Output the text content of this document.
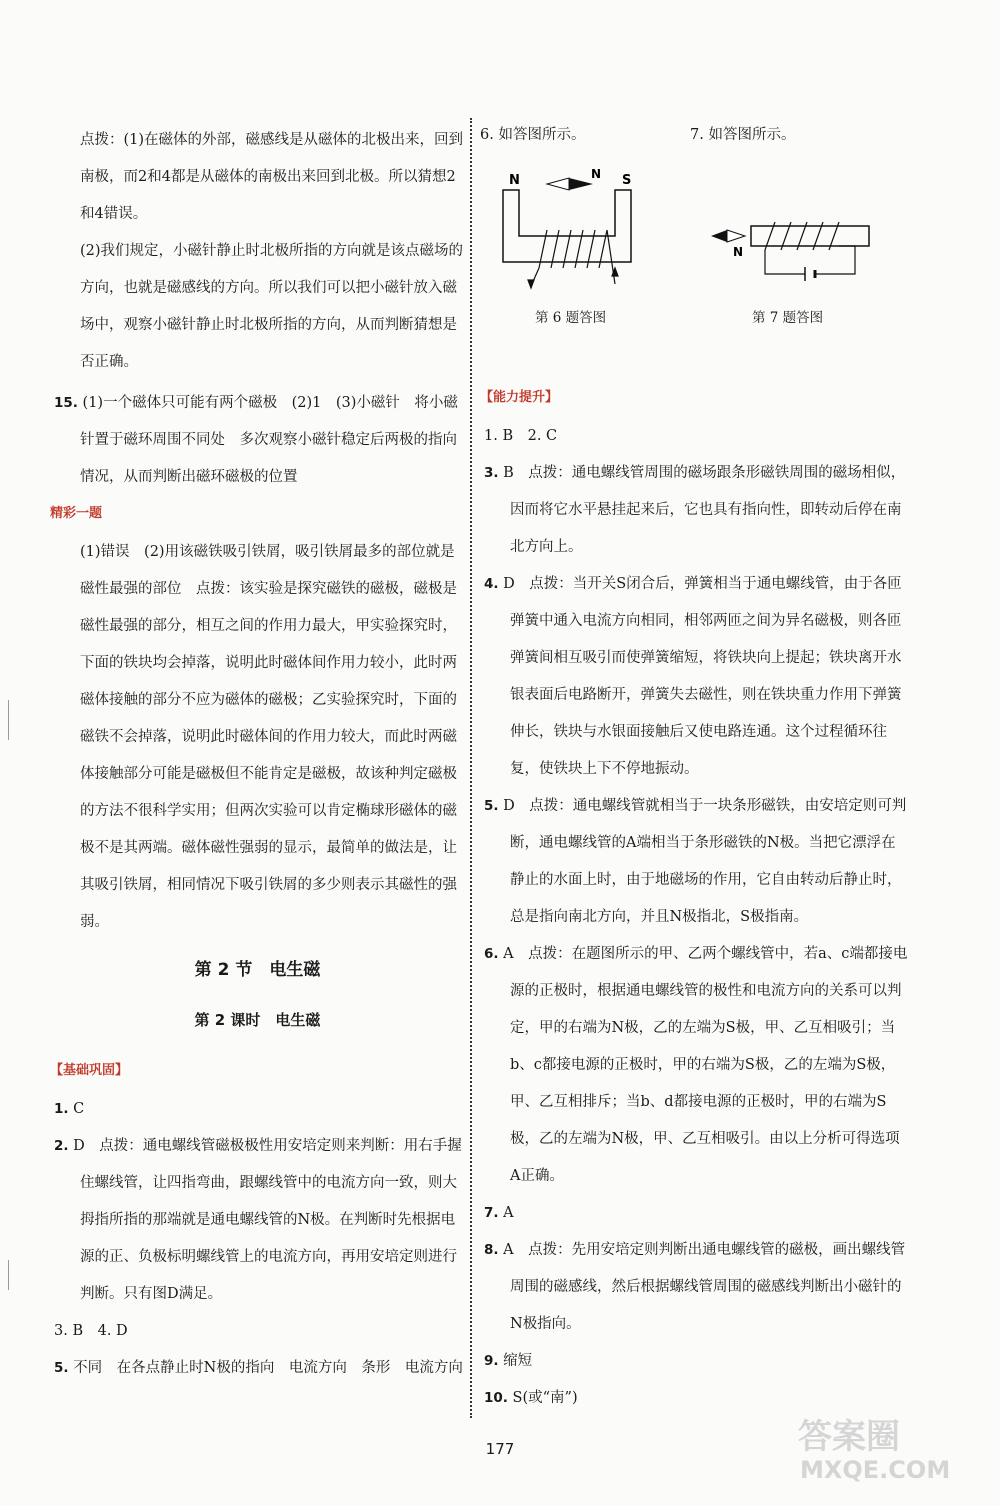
点拨：(1)在磁体的外部，磁感线是从磁体的北极出来，回到南极，而2和4都是从磁体的南极出来回到北极。所以猜想2和4错误。

(2)我们规定，小磁针静止时北极所指的方向就是该点磁场的方向，也就是磁感线的方向。所以我们可以把小磁针放入磁场中，观察小磁针静止时北极所指的方向，从而判断猜想是否正确。

15. (1)一个磁体只可能有两个磁极　(2)1　(3)小磁针　将小磁针置于磁环周围不同处　多次观察小磁针稳定后两极的指向情况，从而判断出磁环磁极的位置

精彩一题

(1)错误　(2)用该磁铁吸引铁屑，吸引铁屑最多的部位就是磁性最强的部位　点拨：该实验是探究磁铁的磁极，磁极是磁性最强的部分，相互之间的作用力最大，甲实验探究时，下面的铁块均会掉落，说明此时磁体间作用力较小，此时两磁体接触的部分不应为磁体的磁极；乙实验探究时，下面的磁铁不会掉落，说明此时磁体间的作用力较大，而此时两磁体接触部分可能是磁极但不能肯定是磁极，故该种判定磁极的方法不很科学实用；但两次实验可以肯定椭球形磁体的磁极不是其两端。磁体磁性强弱的显示，最简单的做法是，让其吸引铁屑，相同情况下吸引铁屑的多少则表示其磁性的强弱。

第 2 节　电生磁
第 2 课时　电生磁
【基础巩固】

1. C

2. D　点拨：通电螺线管磁极极性用安培定则来判断：用右手握住螺线管，让四指弯曲，跟螺线管中的电流方向一致，则大拇指所指的那端就是通电螺线管的N极。在判断时先根据电源的正、负极标明螺线管上的电流方向，再用安培定则进行判断。只有图D满足。

3. B　4. D

5. 不同　在各点静止时N极的指向　电流方向　条形　电流方向

6. 如答图所示。	7. 如答图所示。
N	S
N
第 6 题答图
N
第 7 题答图
【能力提升】

1. B　2. C

3. B　点拨：通电螺线管周围的磁场跟条形磁铁周围的磁场相似，因而将它水平悬挂起来后，它也具有指向性，即转动后停在南北方向上。

4. D　点拨：当开关S闭合后，弹簧相当于通电螺线管，由于各匝弹簧中通入电流方向相同，相邻两匝之间为异名磁极，则各匝弹簧间相互吸引而使弹簧缩短，将铁块向上提起；铁块离开水银表面后电路断开，弹簧失去磁性，则在铁块重力作用下弹簧伸长，铁块与水银面接触后又使电路连通。这个过程循环往复，使铁块上下不停地振动。

5. D　点拨：通电螺线管就相当于一块条形磁铁，由安培定则可判断，通电螺线管的A端相当于条形磁铁的N极。当把它漂浮在静止的水面上时，由于地磁场的作用，它自由转动后静止时，总是指向南北方向，并且N极指北，S极指南。

6. A　点拨：在题图所示的甲、乙两个螺线管中，若a、c端都接电源的正极时，根据通电螺线管的极性和电流方向的关系可以判定，甲的右端为N极，乙的左端为S极，甲、乙互相吸引；当b、c都接电源的正极时，甲的右端为S极，乙的左端为S极，甲、乙互相排斥；当b、d都接电源的正极时，甲的右端为S极，乙的左端为N极，甲、乙互相吸引。由以上分析可得选项A正确。

7. A

8. A　点拨：先用安培定则判断出通电螺线管的磁极，画出螺线管周围的磁感线，然后根据螺线管周围的磁感线判断出小磁针的N极指向。

9. 缩短

10. S(或“南”)

177	答案圈
MXQE.COM
